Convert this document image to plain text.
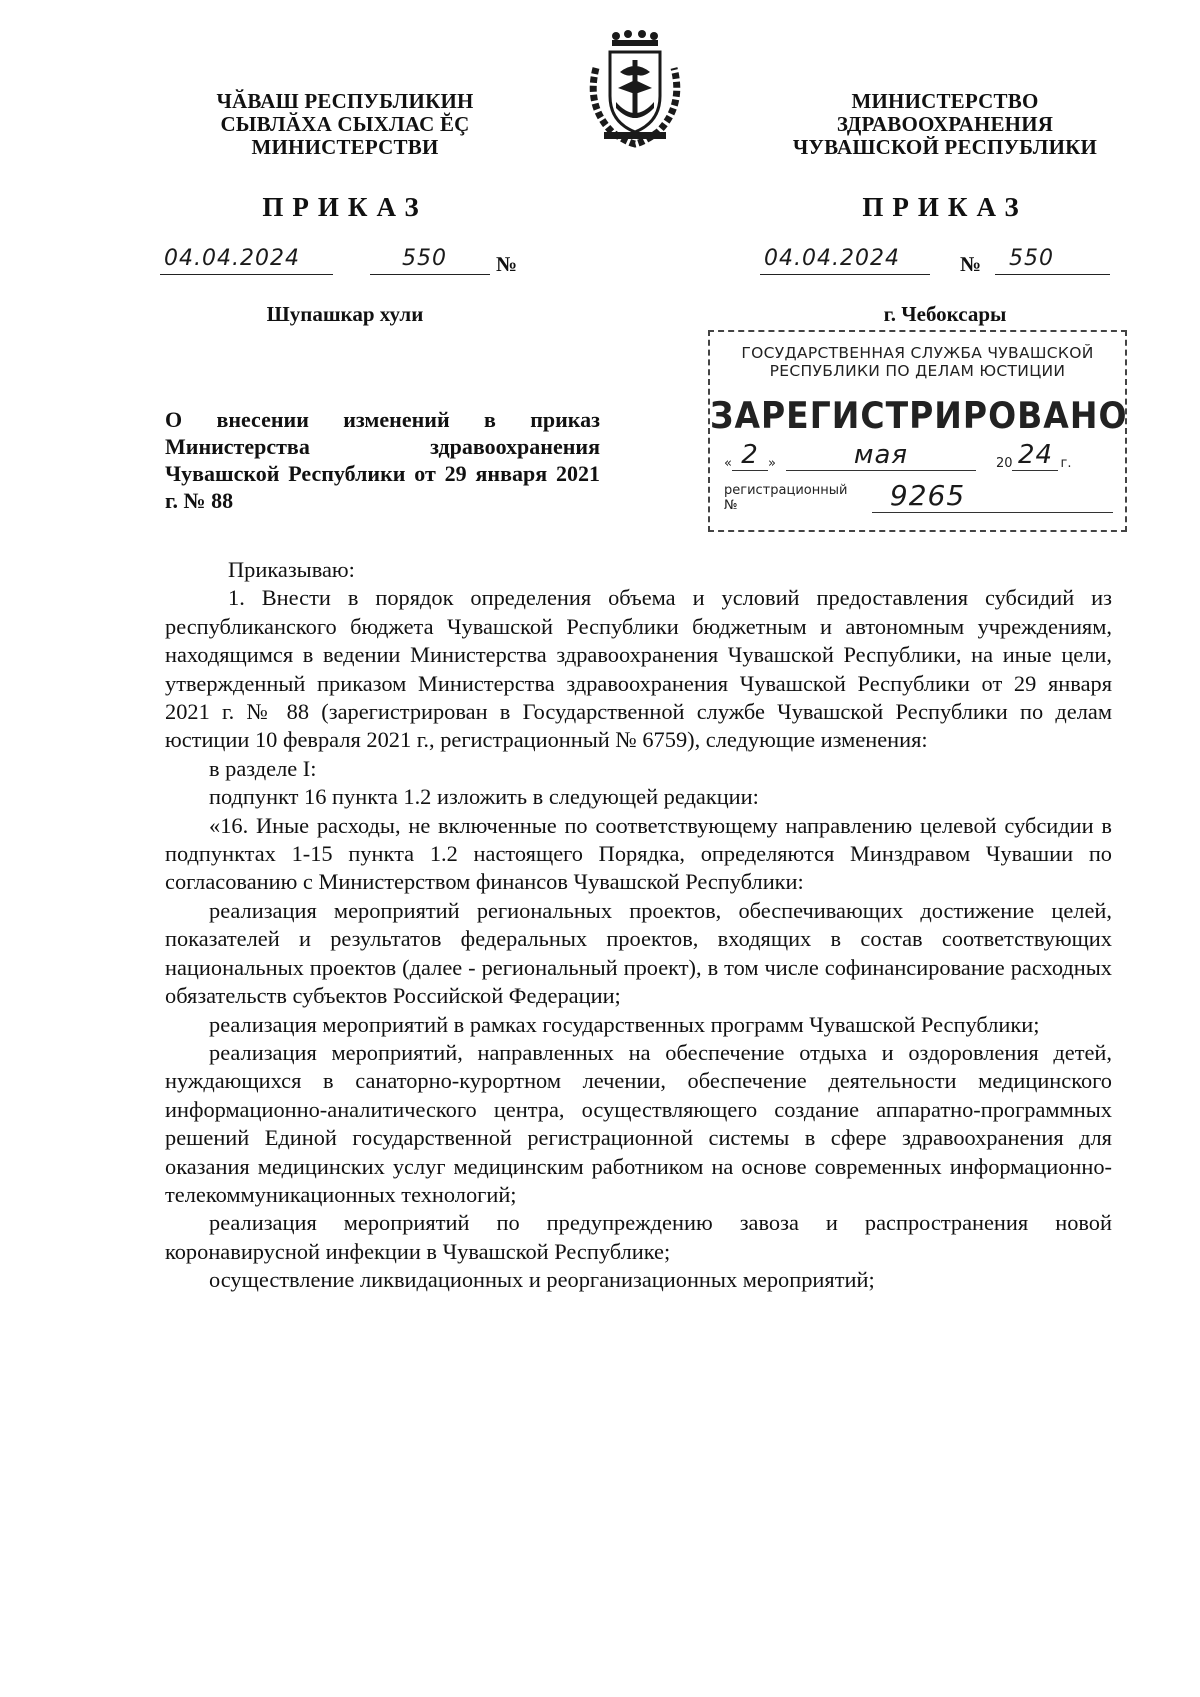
ЧӐВАШ РЕСПУБЛИКИН
СЫВЛӐХА СЫХЛАС ĔÇ
МИНИСТЕРСТВИ
МИНИСТЕРСТВО
ЗДРАВООХРАНЕНИЯ
ЧУВАШСКОЙ РЕСПУБЛИКИ
ПРИКАЗ	ПРИКАЗ
04.04.2024	550	№	04.04.2024	№	550
Шупашкар хули	г. Чебоксары
ГОСУДАРСТВЕННАЯ СЛУЖБА ЧУВАШСКОЙ
РЕСПУБЛИКИ ПО ДЕЛАМ ЮСТИЦИИ
ЗАРЕГИСТРИРОВАНО
« 2 »	мая	20 24 г.
регистрационный №	9265
О внесении изменений в приказ Министерства здравоохранения Чувашской Республики от 29 января 2021 г. № 88

Приказываю:

1. Внести в порядок определения объема и условий предоставления субсидий из республиканского бюджета Чувашской Республики бюджетным и автономным учреждениям, находящимся в ведении Министерства здравоохранения Чувашской Республики, на иные цели, утвержденный приказом Министерства здравоохранения Чувашской Республики от 29 января 2021 г. № 88 (зарегистрирован в Государственной службе Чувашской Республики по делам юстиции 10 февраля 2021 г., регистрационный № 6759), следующие изменения:

в разделе I:

подпункт 16 пункта 1.2 изложить в следующей редакции:

«16. Иные расходы, не включенные по соответствующему направлению целевой субсидии в подпунктах 1-15 пункта 1.2 настоящего Порядка, определяются Минздравом Чувашии по согласованию с Министерством финансов Чувашской Республики:

реализация мероприятий региональных проектов, обеспечивающих достижение целей, показателей и результатов федеральных проектов, входящих в состав соответствующих национальных проектов (далее - региональный проект), в том числе софинансирование расходных обязательств субъектов Российской Федерации;

реализация мероприятий в рамках государственных программ Чувашской Республики;

реализация мероприятий, направленных на обеспечение отдыха и оздоровления детей, нуждающихся в санаторно-курортном лечении, обеспечение деятельности медицинского информационно-аналитического центра, осуществляющего создание аппаратно-программных решений Единой государственной регистрационной системы в сфере здравоохранения для оказания медицинских услуг медицинским работником на основе современных информационно-телекоммуникационных технологий;

реализация мероприятий по предупреждению завоза и распространения новой коронавирусной инфекции в Чувашской Республике;

осуществление ликвидационных и реорганизационных мероприятий;
